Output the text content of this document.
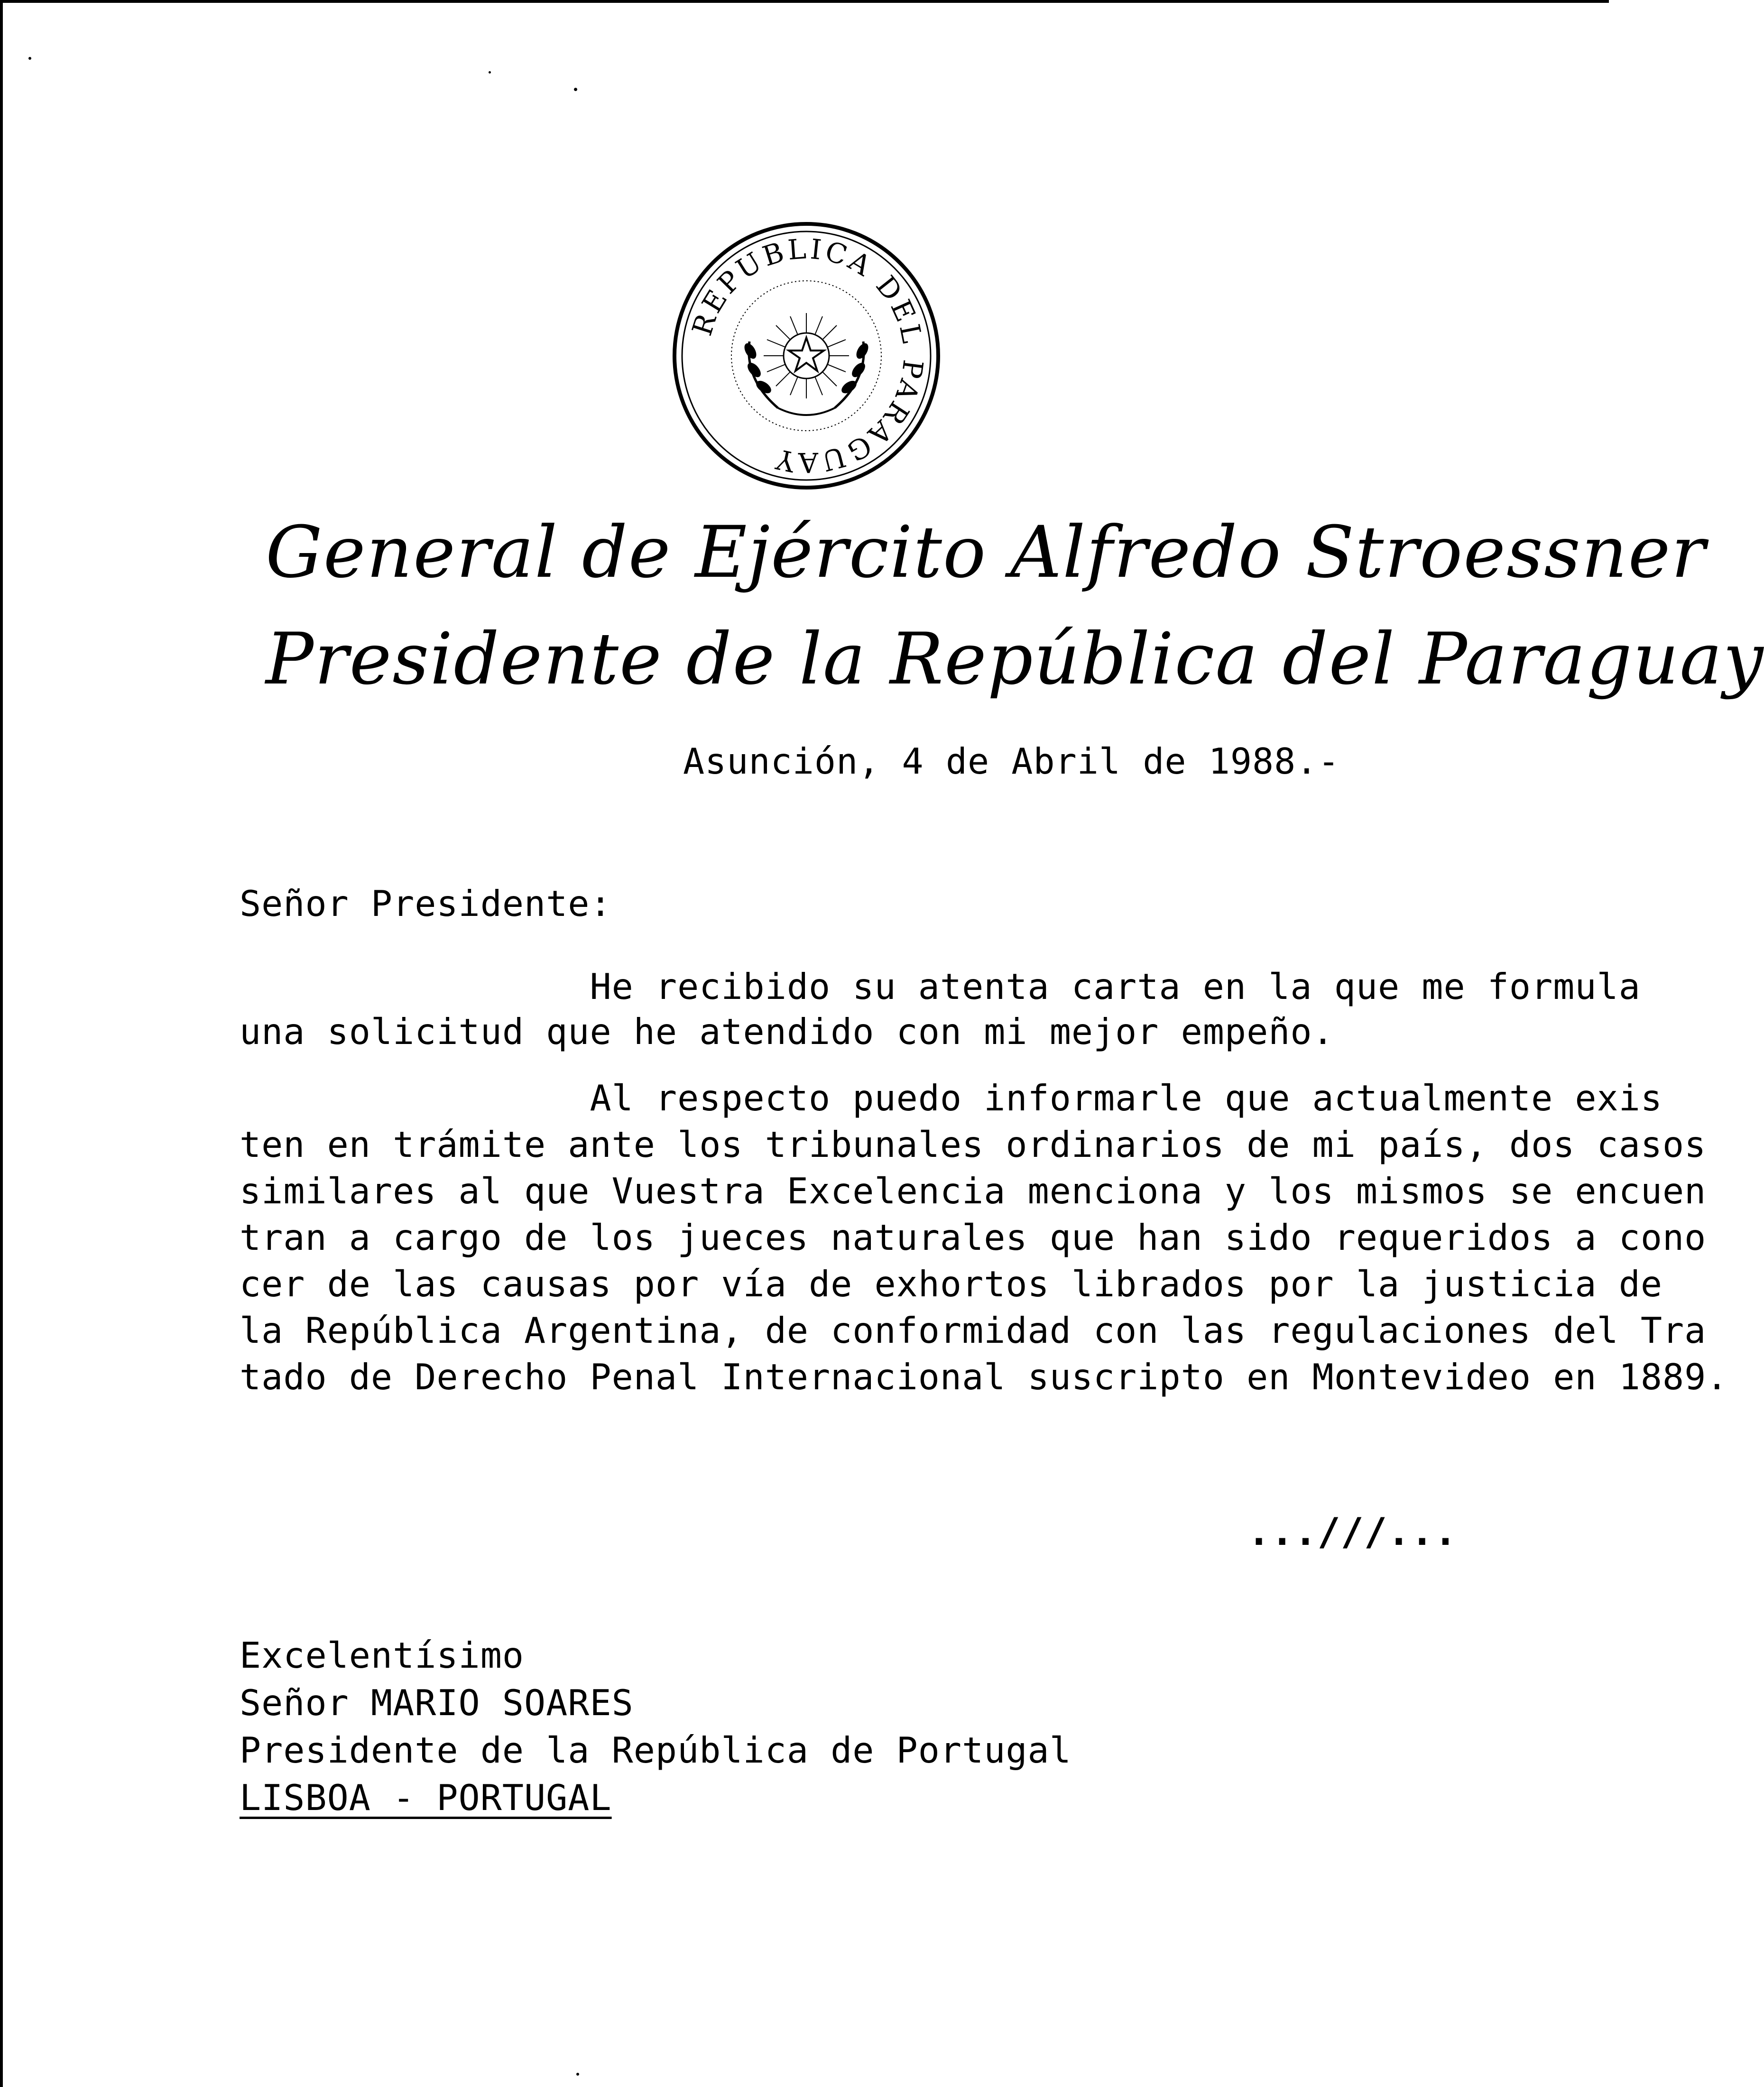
REPUBLICA DEL PARAGUAY
General de Ejército Alfredo Stroessner
Presidente de la República del Paraguay
Asunción, 4 de Abril de 1988.-
Señor Presidente:
He recibido su atenta carta en la que me formula
una solicitud que he atendido con mi mejor empeño.
Al respecto puedo informarle que actualmente exis
ten en trámite ante los tribunales ordinarios de mi país, dos casos
similares al que Vuestra Excelencia menciona y los mismos se encuen
tran a cargo de los jueces naturales que han sido requeridos a cono
cer de las causas por vía de exhortos librados por la justicia de
la República Argentina, de conformidad con las regulaciones del Tra
tado de Derecho Penal Internacional suscripto en Montevideo en 1889.
...///...
Excelentísimo
Señor MARIO SOARES
Presidente de la República de Portugal
LISBOA - PORTUGAL
